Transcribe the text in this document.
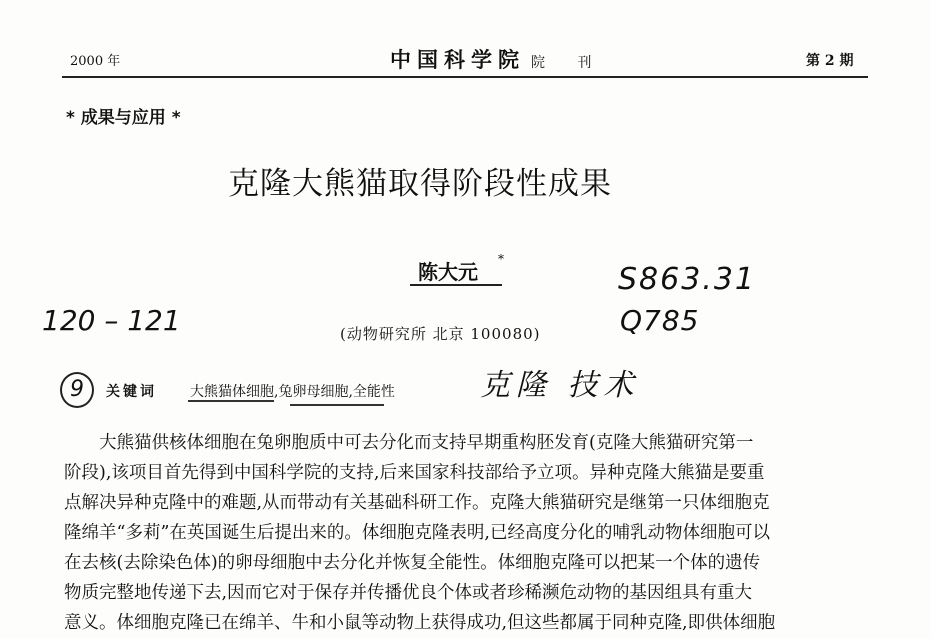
2000 年	中国科学院 院 刊	第 2 期
* 成果与应用 *
克隆大熊猫取得阶段性成果
陈大元
*
(动物研究所 北京 100080)
120 – 121
S863.31
Q785
9	关键词 大熊猫体细胞,兔卵母细胞,全能性	克隆 技术
大熊猫供核体细胞在兔卵胞质中可去分化而支持早期重构胚发育(克隆大熊猫研究第一
阶段),该项目首先得到中国科学院的支持,后来国家科技部给予立项。异种克隆大熊猫是要重
点解决异种克隆中的难题,从而带动有关基础科研工作。克隆大熊猫研究是继第一只体细胞克
隆绵羊“多莉”在英国诞生后提出来的。体细胞克隆表明,已经高度分化的哺乳动物体细胞可以
在去核(去除染色体)的卵母细胞中去分化并恢复全能性。体细胞克隆可以把某一个体的遗传
物质完整地传递下去,因而它对于保存并传播优良个体或者珍稀濒危动物的基因组具有重大
意义。体细胞克隆已在绵羊、牛和小鼠等动物上获得成功,但这些都属于同种克隆,即供体细胞
